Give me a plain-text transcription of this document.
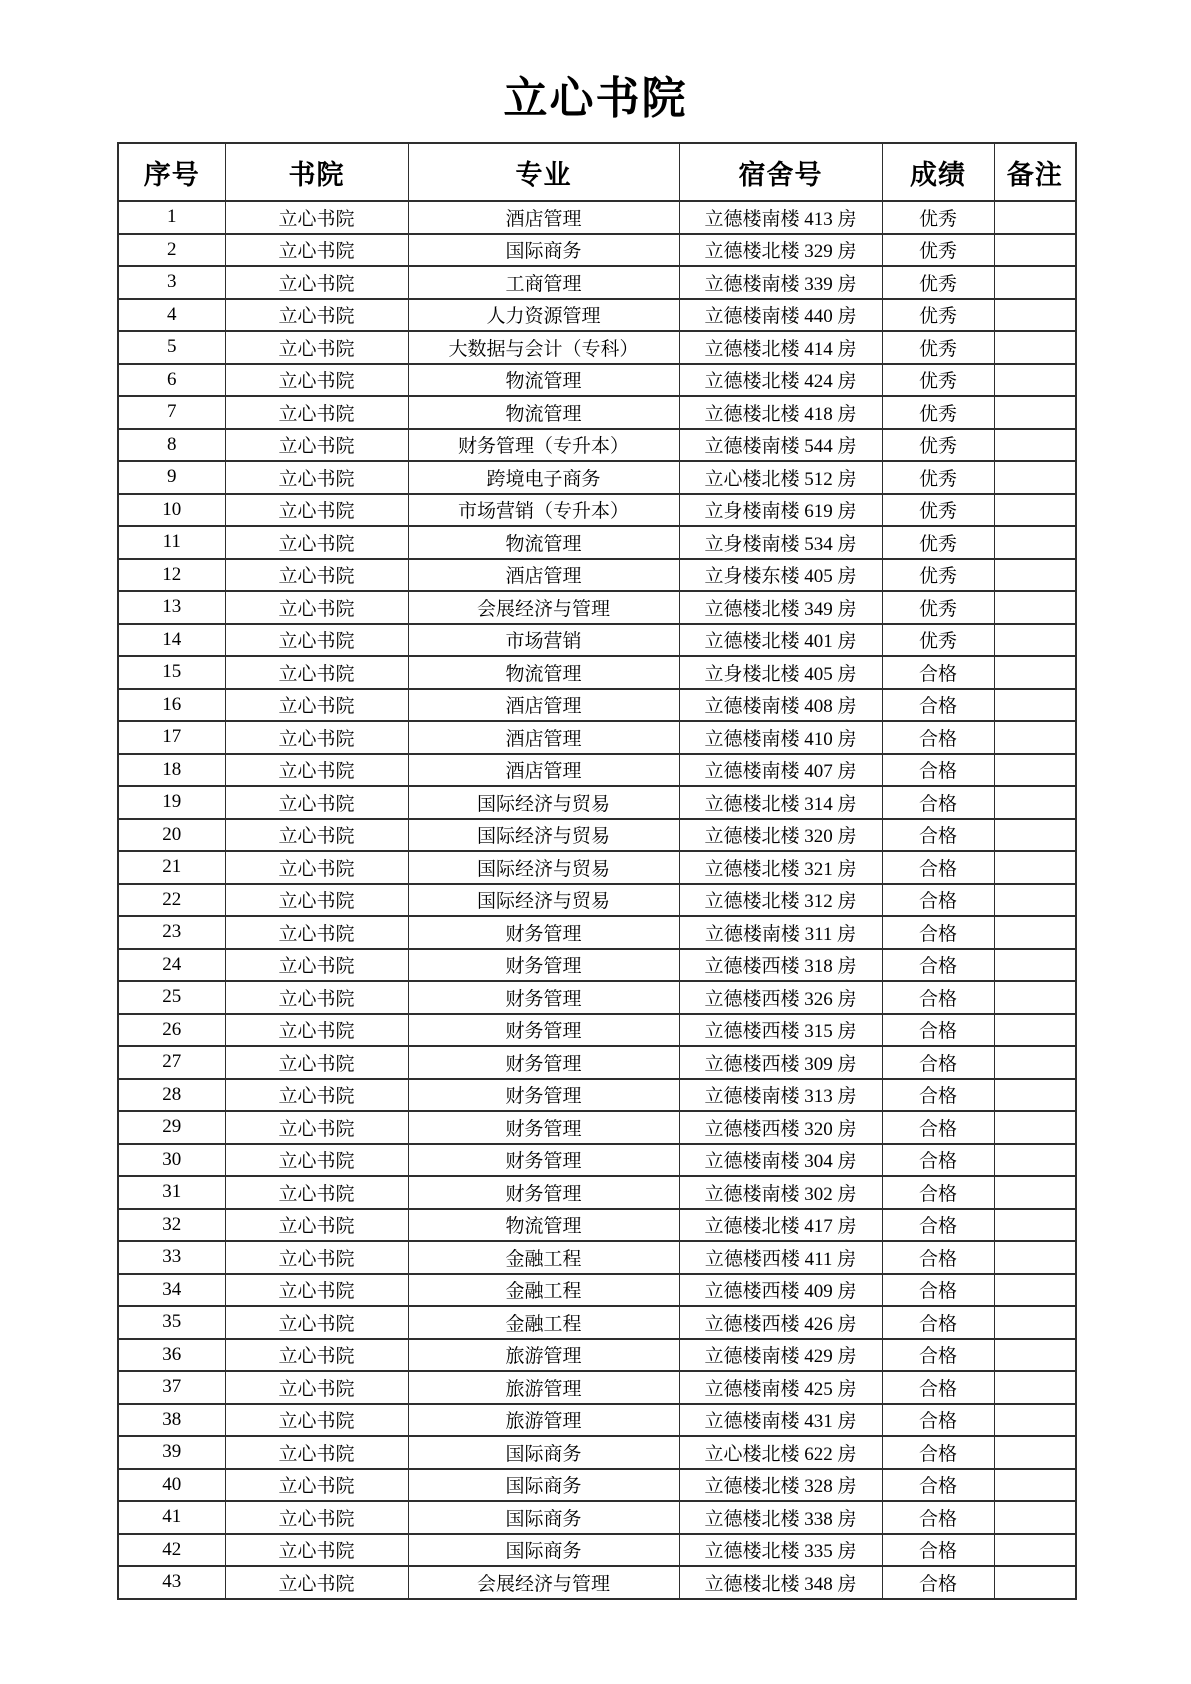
立心书院
序号	书院	专业	宿舍号	成绩	备注
1	立心书院	酒店管理	立德楼南楼 413 房	优秀	
2	立心书院	国际商务	立德楼北楼 329 房	优秀	
3	立心书院	工商管理	立德楼南楼 339 房	优秀	
4	立心书院	人力资源管理	立德楼南楼 440 房	优秀	
5	立心书院	大数据与会计（专科）	立德楼北楼 414 房	优秀	
6	立心书院	物流管理	立德楼北楼 424 房	优秀	
7	立心书院	物流管理	立德楼北楼 418 房	优秀	
8	立心书院	财务管理（专升本）	立德楼南楼 544 房	优秀	
9	立心书院	跨境电子商务	立心楼北楼 512 房	优秀	
10	立心书院	市场营销（专升本）	立身楼南楼 619 房	优秀	
11	立心书院	物流管理	立身楼南楼 534 房	优秀	
12	立心书院	酒店管理	立身楼东楼 405 房	优秀	
13	立心书院	会展经济与管理	立德楼北楼 349 房	优秀	
14	立心书院	市场营销	立德楼北楼 401 房	优秀	
15	立心书院	物流管理	立身楼北楼 405 房	合格	
16	立心书院	酒店管理	立德楼南楼 408 房	合格	
17	立心书院	酒店管理	立德楼南楼 410 房	合格	
18	立心书院	酒店管理	立德楼南楼 407 房	合格	
19	立心书院	国际经济与贸易	立德楼北楼 314 房	合格	
20	立心书院	国际经济与贸易	立德楼北楼 320 房	合格	
21	立心书院	国际经济与贸易	立德楼北楼 321 房	合格	
22	立心书院	国际经济与贸易	立德楼北楼 312 房	合格	
23	立心书院	财务管理	立德楼南楼 311 房	合格	
24	立心书院	财务管理	立德楼西楼 318 房	合格	
25	立心书院	财务管理	立德楼西楼 326 房	合格	
26	立心书院	财务管理	立德楼西楼 315 房	合格	
27	立心书院	财务管理	立德楼西楼 309 房	合格	
28	立心书院	财务管理	立德楼南楼 313 房	合格	
29	立心书院	财务管理	立德楼西楼 320 房	合格	
30	立心书院	财务管理	立德楼南楼 304 房	合格	
31	立心书院	财务管理	立德楼南楼 302 房	合格	
32	立心书院	物流管理	立德楼北楼 417 房	合格	
33	立心书院	金融工程	立德楼西楼 411 房	合格	
34	立心书院	金融工程	立德楼西楼 409 房	合格	
35	立心书院	金融工程	立德楼西楼 426 房	合格	
36	立心书院	旅游管理	立德楼南楼 429 房	合格	
37	立心书院	旅游管理	立德楼南楼 425 房	合格	
38	立心书院	旅游管理	立德楼南楼 431 房	合格	
39	立心书院	国际商务	立心楼北楼 622 房	合格	
40	立心书院	国际商务	立德楼北楼 328 房	合格	
41	立心书院	国际商务	立德楼北楼 338 房	合格	
42	立心书院	国际商务	立德楼北楼 335 房	合格	
43	立心书院	会展经济与管理	立德楼北楼 348 房	合格	
